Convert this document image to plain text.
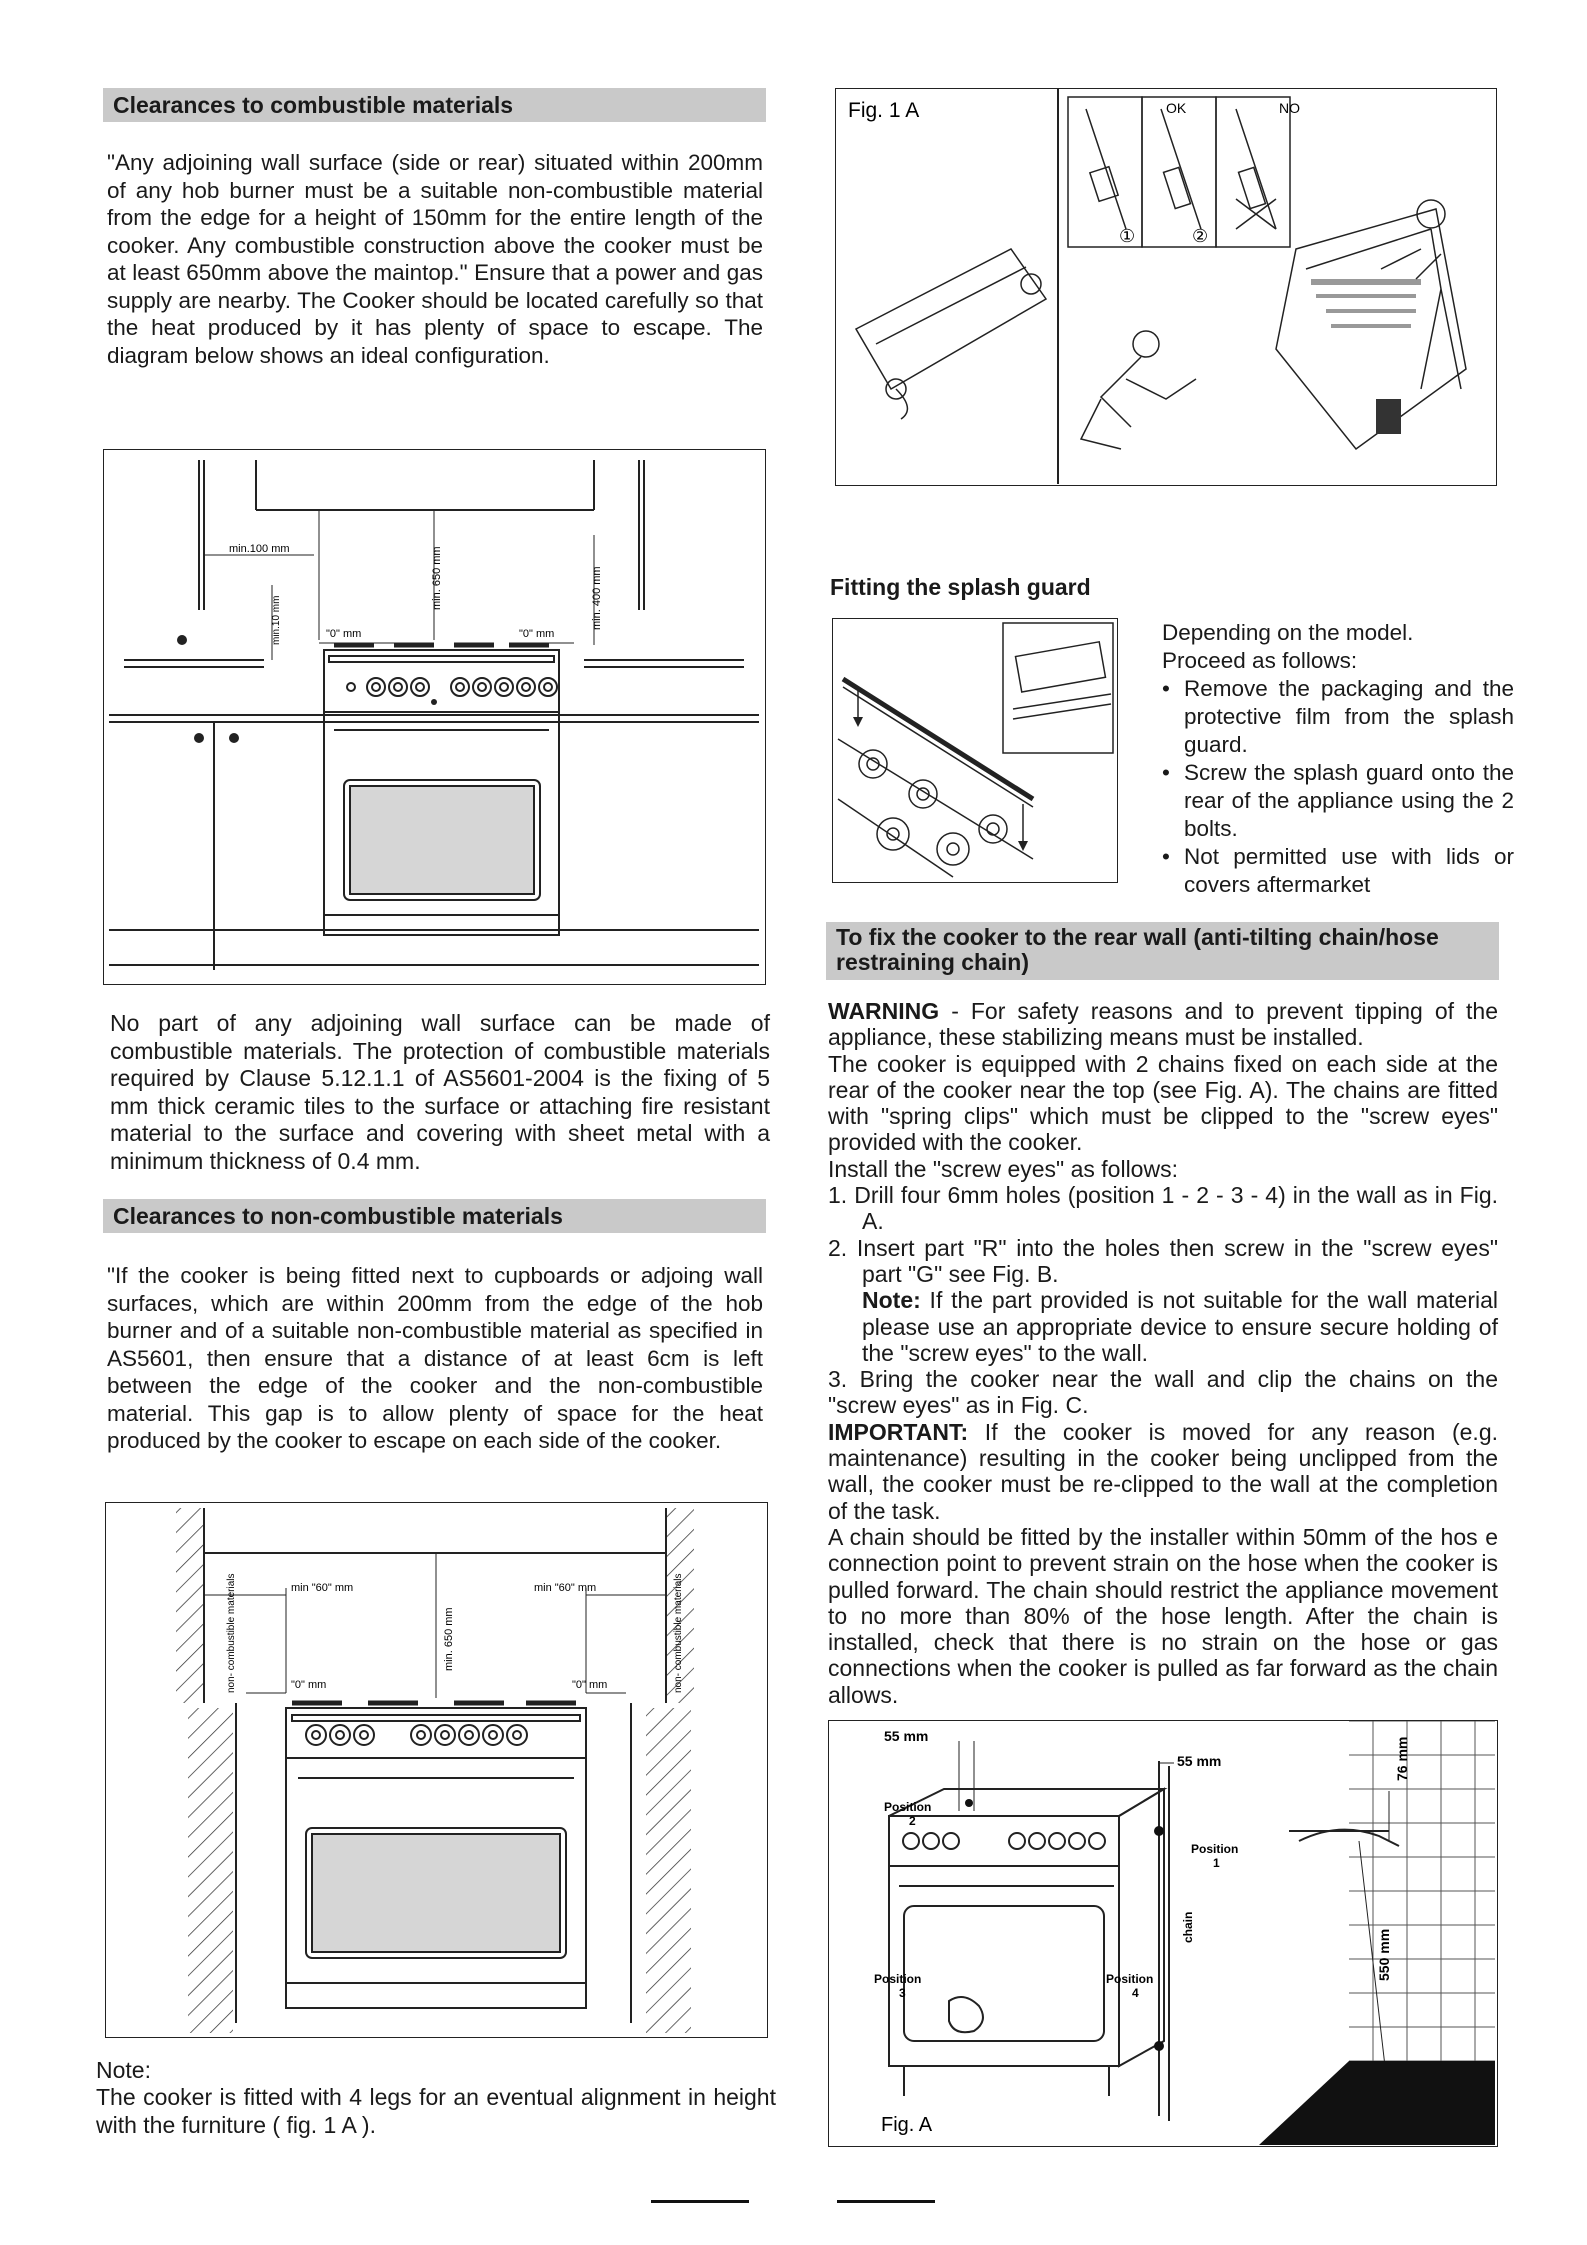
Clearances to combustible materials
"Any adjoining wall surface (side or rear) situated within 200mm of any hob burner must be a suitable non-combustible material from the edge for a height of 150mm for the entire length of the cooker. Any combustible construction above the cooker must be at least 650mm above the maintop." Ensure that a power and gas supply are nearby. The Cooker should be located carefully so that the heat produced by it has plenty of space to escape. The diagram below shows an ideal configuration.
min.100 mm	min. 650 mm	min. 400 mm
min.10 mm	"0" mm	"0" mm
No part of any adjoining wall surface can be made of combustible materials. The protection of combustible materials required by Clause 5.12.1.1 of AS5601-2004 is the fixing of 5 mm thick ceramic tiles to the surface or attaching fire resistant material to the surface and covering with sheet metal with a minimum thickness of 0.4 mm.
Clearances to non-combustible materials
"If the cooker is being fitted next to cupboards or adjoing wall surfaces, which are within 200mm from the edge of the hob burner and of a suitable non-combustible material as specified in AS5601, then ensure that a distance of at least 6cm is left between the edge of the cooker and the non-combustible material. This gap is to allow plenty of space for the heat produced by the cooker to escape on each side of the cooker.
min "60" mm	min "60" mm
min. 650 mm
"0" mm	"0" mm
non- combustible materials	non- combustible materials
Note:
The cooker is fitted with 4 legs for an eventual alignment in height with the furniture ( fig. 1 A ).
Fig. 1 A	OK	NO
①	②
Fitting the splash guard
Depending on the model.
Proceed as follows:
• Remove the packaging and the protective film from the splash guard.
• Screw the splash guard onto the rear of the appliance using the 2 bolts.
• Not permitted use with lids or covers aftermarket
To fix the cooker to the rear wall (anti-tilting chain/hose restraining chain)

WARNING - For safety reasons and to prevent tipping of the appliance, these stabilizing means must be installed.

The cooker is equipped with 2 chains fixed on each side at the rear of the cooker near the top (see Fig. A). The chains are fitted with "spring clips" which must be clipped to the "screw eyes" provided with the cooker.

Install the "screw eyes" as follows:

1. Drill four 6mm holes (position 1 - 2 - 3 - 4) in the wall as in Fig. A.

2. Insert part "R" into the holes then screw in the "screw eyes" part "G" see Fig. B.

Note: If the part provided is not suitable for the wall material please use an appropriate device to ensure secure holding of the "screw eyes" to the wall.

3. Bring the cooker near the wall and clip the chains on the "screw eyes" as in Fig. C.

IMPORTANT: If the cooker is moved for any reason (e.g. maintenance) resulting in the cooker being unclipped from the wall, the cooker must be re-clipped to the wall at the completion of the task.

A chain should be fitted by the installer within 50mm of the hos e connection point to prevent strain on the hose when the cooker is pulled forward. The chain should restrict the appliance movement to no more than 80% of the hose length. After the chain is installed, check that there is no strain on the hose or gas connections when the cooker is pulled as far forward as the chain allows.

55 mm
55 mm	76 mm
550 mm
Position
2
Position
1
Position
3
Position
4
chain
Fig. A
